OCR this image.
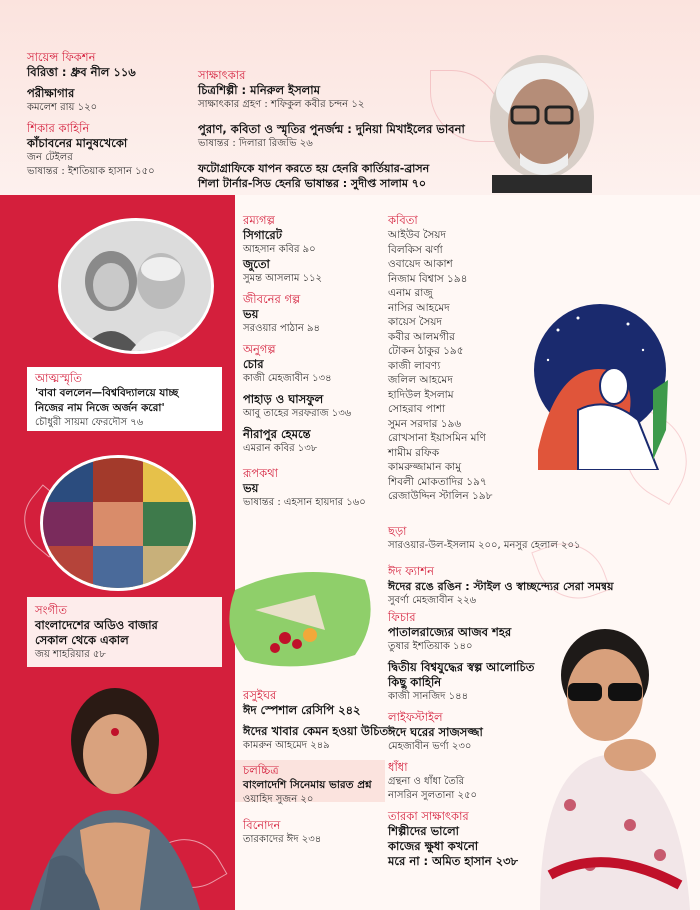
সায়েন্স ফিকশন
বিরিত্তা : ধ্রুব নীল ১১৬
পরীক্ষাগার
কমলেশ রায় ১২০
শিকার কাহিনি
কাঁচাবনের মানুষখেকো
জন টেইলর
ভাষান্তর : ইশতিয়াক হাসান ১৫০
সাক্ষাৎকার
চিত্রশিল্পী : মনিরুল ইসলাম
সাক্ষাৎকার গ্রহণ : শফিকুল কবীর চন্দন ১২
পুরাণ, কবিতা ও স্মৃতির পুনর্জন্ম : দুনিয়া মিখাইলের ভাবনা
ভাষান্তর : দিলারা রিজভি ২৬
ফটোগ্রাফিকে যাপন করতে হয় হেনরি কার্তিয়ার-ব্রাসন
শিলা টার্নার-সিড হেনরি ভাষান্তর : সুদীপ্ত সালাম ৭০
আত্মস্মৃতি
'বাবা বললেন—বিশ্ববিদ্যালয়ে যাচ্ছ
নিজের নাম নিজে অর্জন করো'
চৌধুরী সায়মা ফেরদৌস ৭৬
সংগীত
বাংলাদেশের অডিও বাজার
সেকাল থেকে একাল
জয় শাহরিয়ার ৫৮
রম্যগল্প
সিগারেট
আহসান কবির ৯০
জুতো
সুমন্ত আসলাম ১১২
জীবনের গল্প
ভয়
সরওয়ার পাঠান ৯৪
অনুগল্প
চোর
কাজী মেহজাবীন ১৩৪
পাহাড় ও ঘাসফুল
আবু তাহের সরফরাজ ১৩৬
নীরাপুর হেমন্তে
এমরান কবির ১৩৮
রূপকথা
ভয়
ভাষান্তর : এহসান হায়দার ১৬০
রসুইঘর
ঈদ স্পেশাল রেসিপি ২৪২
ঈদের খাবার কেমন হওয়া উচিত
কামরুন আহমেদ ২৪৯
চলচ্চিত্র
বাংলাদেশি সিনেমায় ভারত প্রশ্ন
ওয়াহিদ সুজন ২০
বিনোদন
তারকাদের ঈদ ২৩৪
কবিতা
আইউব সৈয়দ
বিলকিস ঝর্ণা
ওবায়েদ আকাশ
নিজাম বিশ্বাস ১৯৪
এনাম রাজু
নাসির আহমেদ
কায়েস সৈয়দ
কবীর আলমগীর
টোকন ঠাকুর ১৯৫
কাজী লাবণ্য
জলিল আহমেদ
হাদিউল ইসলাম
সোহরাব পাশা
সুমন সরদার ১৯৬
রোখসানা ইয়াসমিন মণি
শামীম রফিক
কামরুজ্জামান কামু
শিবলী মোকতাদির ১৯৭
রেজাউদ্দিন স্টালিন ১৯৮
ছড়া
সারওয়ার-উল-ইসলাম ২০০, মনসুর হেলাল ২০১
ঈদ ফ্যাশন
ঈদের রঙে রঙিন : স্টাইল ও স্বাচ্ছন্দ্যের সেরা সমন্বয়
সুবর্ণা মেহজাবীন ২২৬
ফিচার
পাতালরাজ্যের আজব শহর
তুষার ইশতিয়াক ১৪০
দ্বিতীয় বিশ্বযুদ্ধের স্বল্প আলোচিত
কিছু কাহিনি
কাজী সানজিদ ১৪৪
লাইফস্টাইল
ঈদে ঘরের সাজসজ্জা
মেহজাবীন ভর্ণা ২৩০
ধাঁধা
গ্রন্থনা ও ধাঁধা তৈরি
নাসরিন সুলতানা ২৫০
তারকা সাক্ষাৎকার
শিল্পীদের ভালো
কাজের ক্ষুধা কখনো
মরে না : অমিত হাসান ২৩৮
